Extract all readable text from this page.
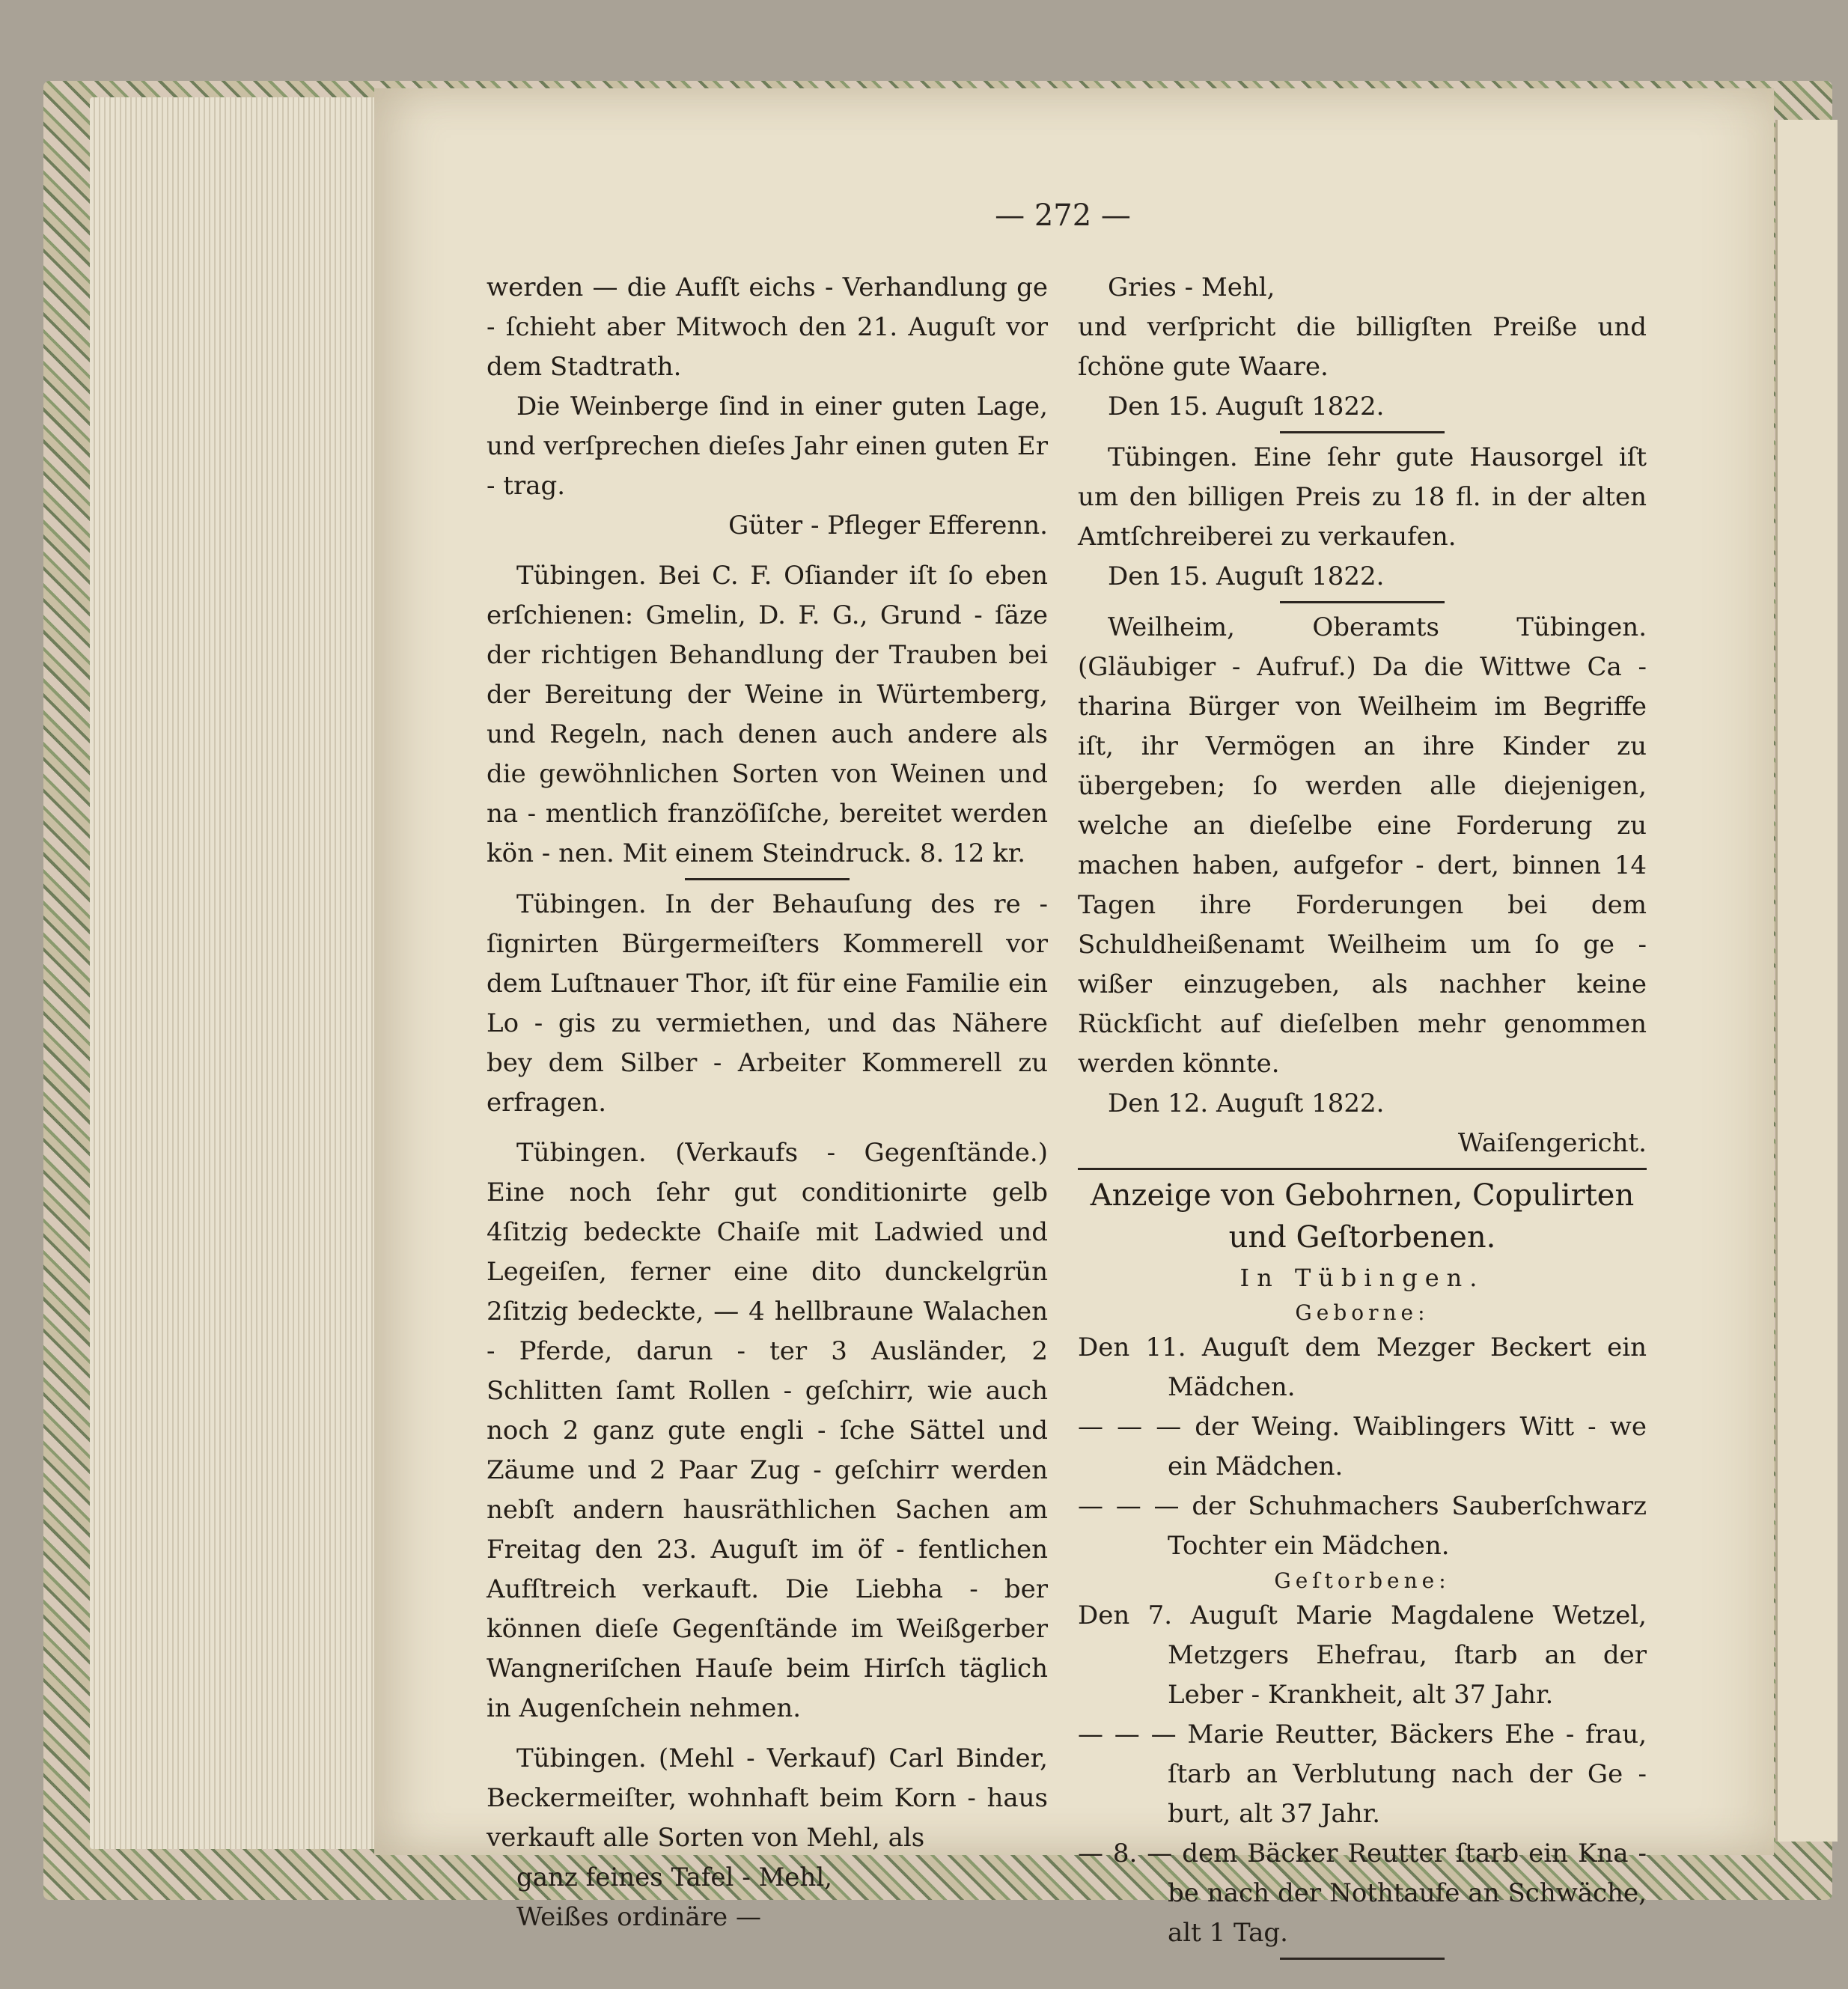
— 272 —

werden — die Aufſt eichs - Verhandlung ge - ſchieht aber Mitwoch den 21. Auguſt vor dem Stadtrath.

Die Weinberge ſind in einer guten Lage, und verſprechen dieſes Jahr einen guten Er - trag.

Güter - Pfleger Efferenn.

Tübingen. Bei C. F. Oſiander iſt ſo eben erſchienen: Gmelin, D. F. G., Grund - ſäze der richtigen Behandlung der Trauben bei der Bereitung der Weine in Würtemberg, und Regeln, nach denen auch andere als die gewöhnlichen Sorten von Weinen und na - mentlich franzöſiſche, bereitet werden kön - nen. Mit einem Steindruck. 8. 12 kr.

Tübingen. In der Behauſung des re - ſignirten Bürgermeiſters Kommerell vor dem Luſtnauer Thor, iſt für eine Familie ein Lo - gis zu vermiethen, und das Nähere bey dem Silber - Arbeiter Kommerell zu erfragen.

Tübingen. (Verkaufs - Gegenſtände.) Eine noch ſehr gut conditionirte gelb 4ſitzig bedeckte Chaiſe mit Ladwied und Legeiſen, ferner eine dito dunckelgrün 2ſitzig bedeckte, — 4 hellbraune Walachen - Pferde, darun - ter 3 Ausländer, 2 Schlitten ſamt Rollen - geſchirr, wie auch noch 2 ganz gute engli - ſche Sättel und Zäume und 2 Paar Zug - geſchirr werden nebſt andern hausräthlichen Sachen am Freitag den 23. Auguſt im öf - fentlichen Aufſtreich verkauft. Die Liebha - ber können dieſe Gegenſtände im Weißgerber Wangneriſchen Hauſe beim Hirſch täglich in Augenſchein nehmen.

Tübingen. (Mehl - Verkauf) Carl Binder, Beckermeiſter, wohnhaft beim Korn - haus verkauft alle Sorten von Mehl, als

ganz feines Tafel - Mehl,

Weißes ordinäre —

Gries - Mehl,

und verſpricht die billigſten Preiße und ſchöne gute Waare.

Den 15. Auguſt 1822.

Tübingen. Eine ſehr gute Hausorgel iſt um den billigen Preis zu 18 fl. in der alten Amtſchreiberei zu verkaufen.

Den 15. Auguſt 1822.

Weilheim, Oberamts Tübingen. (Gläubiger - Aufruf.) Da die Wittwe Ca - tharina Bürger von Weilheim im Begriffe iſt, ihr Vermögen an ihre Kinder zu übergeben; ſo werden alle diejenigen, welche an dieſelbe eine Forderung zu machen haben, aufgefor - dert, binnen 14 Tagen ihre Forderungen bei dem Schuldheißenamt Weilheim um ſo ge - wißer einzugeben, als nachher keine Rückſicht auf dieſelben mehr genommen werden könnte.

Den 12. Auguſt 1822.

Waiſengericht.

Anzeige von Gebohrnen, Copulirten und Geſtorbenen.

In Tübingen.

Geborne:

Den 11. Auguſt dem Mezger Beckert ein Mädchen.

— — — der Weing. Waiblingers Witt - we ein Mädchen.

— — — der Schuhmachers Sauberſchwarz Tochter ein Mädchen.

Geſtorbene:

Den 7. Auguſt Marie Magdalene Wetzel, Metzgers Ehefrau, ſtarb an der Leber - Krankheit, alt 37 Jahr.

— — — Marie Reutter, Bäckers Ehe - frau, ſtarb an Verblutung nach der Ge - burt, alt 37 Jahr.

— 8. — dem Bäcker Reutter ſtarb ein Kna - be nach der Nothtaufe an Schwäche, alt 1 Tag.
